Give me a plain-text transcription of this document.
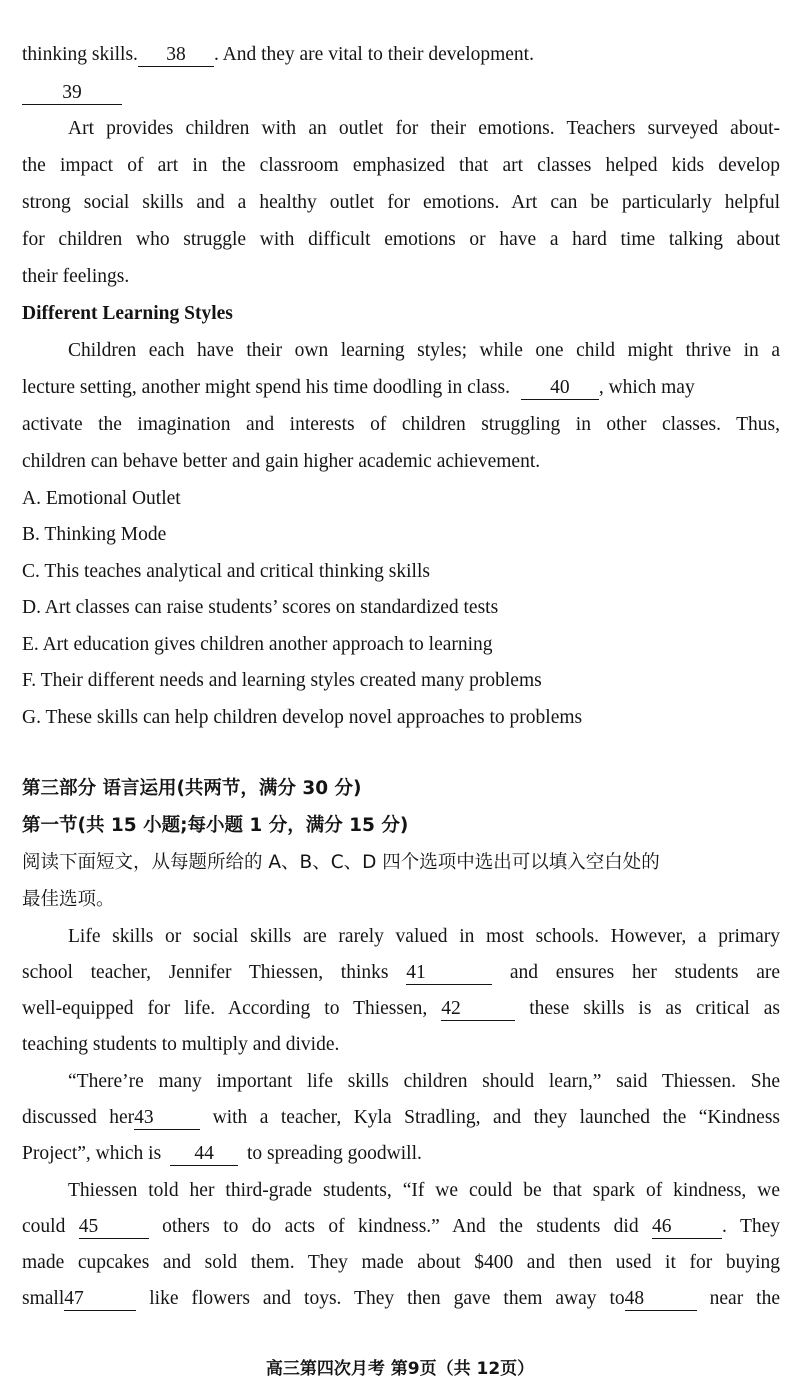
thinking skills. 38 . And they are vital to their development.
39
Art provides children with an outlet for their emotions. Teachers surveyed about-
the impact of art in the classroom emphasized that art classes helped kids develop
strong social skills and a healthy outlet for emotions. Art can be particularly helpful
for children who struggle with difficult emotions or have a hard time talking about
their feelings.
Different Learning Styles
Children each have their own learning styles; while one child might thrive in a
lecture setting, another might spend his time doodling in class. 40 , which may
activate the imagination and interests of children struggling in other classes. Thus,
children can behave better and gain higher academic achievement.
A. Emotional Outlet
B. Thinking Mode
C. This teaches analytical and critical thinking skills
D. Art classes can raise students’ scores on standardized tests
E. Art education gives children another approach to learning
F. Their different needs and learning styles created many problems
G. These skills can help children develop novel approaches to problems
第三部分 语言运用(共两节，满分 30 分)
第一节(共 15 小题;每小题 1 分，满分 15 分)
阅读下面短文，从每题所给的 A、B、C、D 四个选项中选出可以填入空白处的
最佳选项。
Life skills or social skills are rarely valued in most schools. However, a primary
school teacher, Jennifer Thiessen, thinks 41	and ensures her students are
well-equipped for life. According to Thiessen, 42	these skills is as critical as
teaching students to multiply and divide.
“There’re many important life skills children should learn,” said Thiessen. She
discussed her43	with a teacher, Kyla Stradling, and they launched the “Kindness
Project”, which is 44 to spreading goodwill.
Thiessen told her third-grade students, “If we could be that spark of kindness, we
could 45	others to do acts of kindness.” And the students did 46	. They
made cupcakes and sold them. They made about $400 and then used it for buying
small47	like flowers and toys. They then gave them away to48	near the
高三第四次月考 第9页（共 12页）
